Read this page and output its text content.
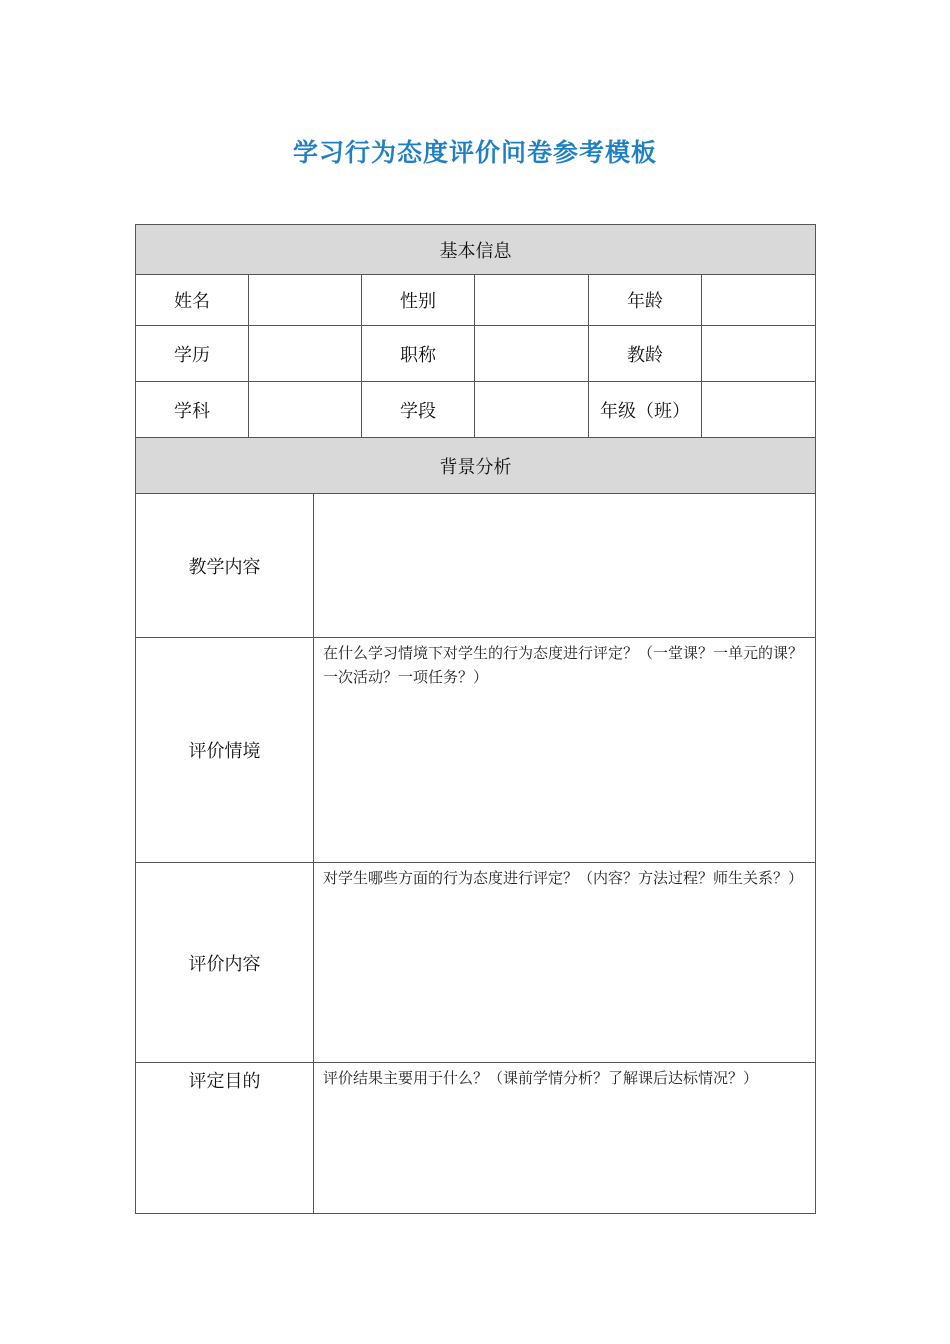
学习行为态度评价问卷参考模板
基本信息						
姓名			性别		年龄	
学历			职称		教龄	
学科			学段		年级（班）	
背景分析						
教学内容						
评价情境		在什么学习情境下对学生的行为态度进行评定？（一堂课？一单元的课？一次活动？一项任务？）				
评价内容		对学生哪些方面的行为态度进行评定？（内容？方法过程？师生关系？）				
评定目的		评价结果主要用于什么？（课前学情分析？了解课后达标情况？）				
